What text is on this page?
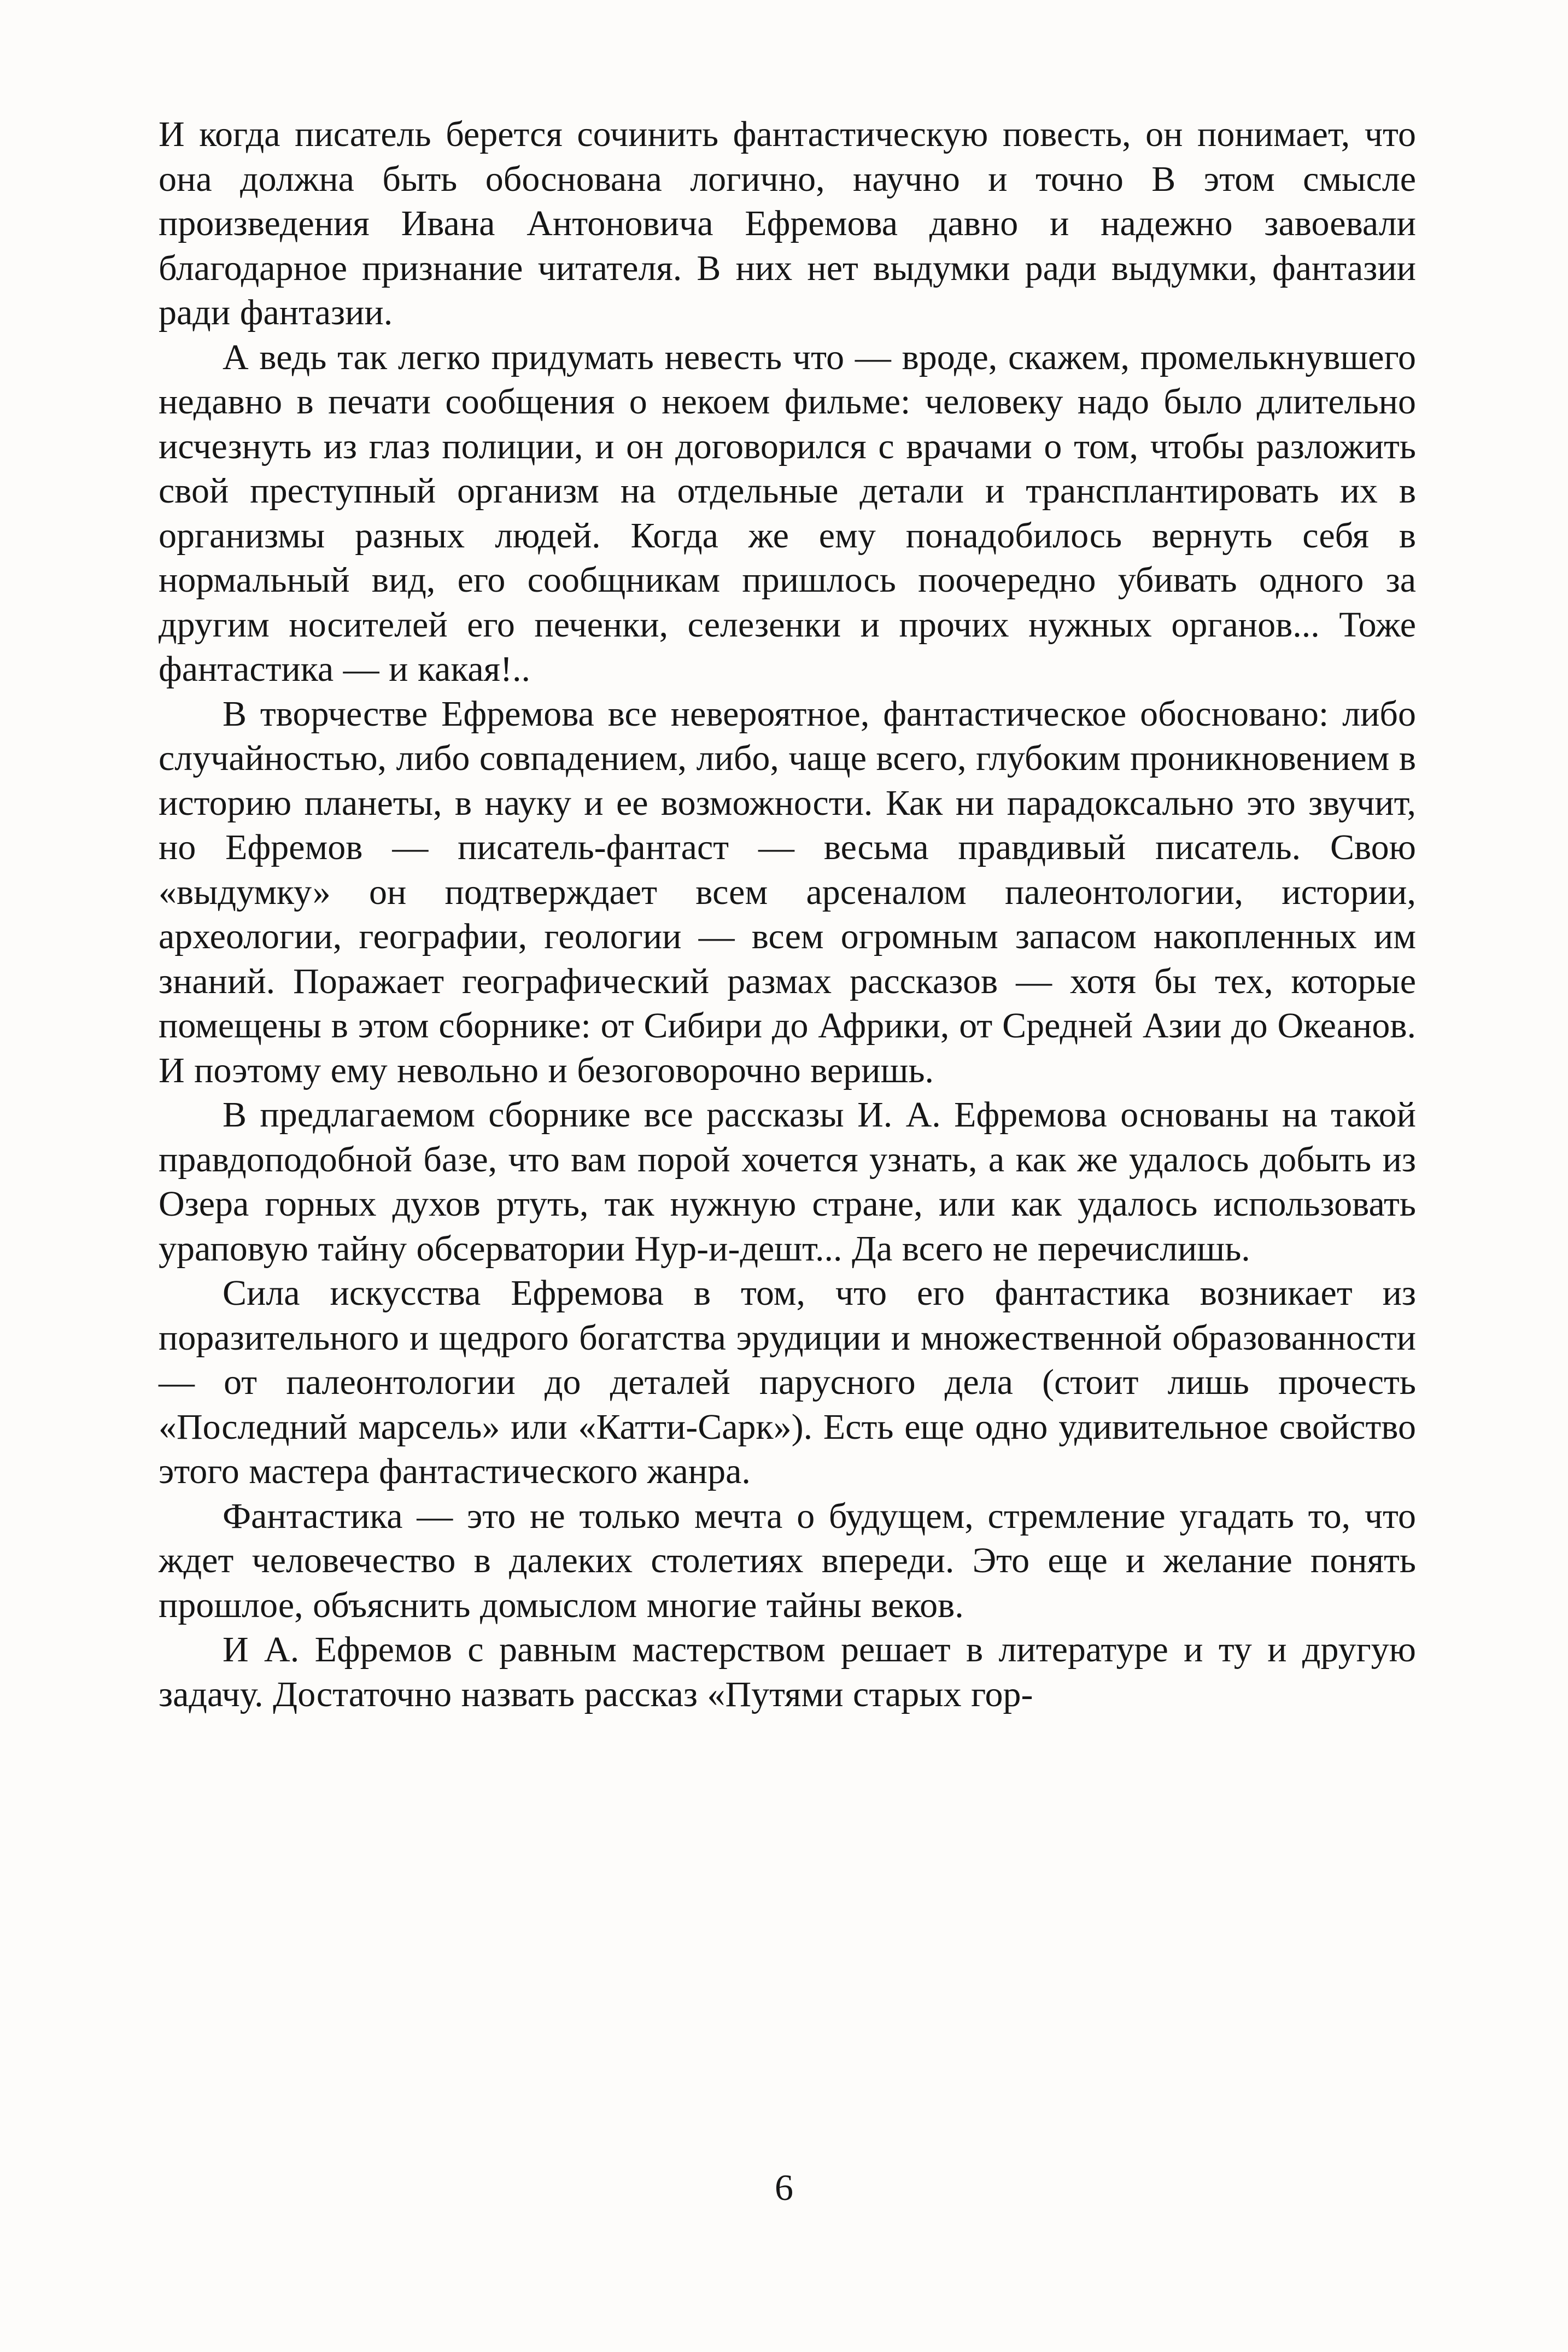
И когда писатель берется сочинить фантастическую повесть, он понимает, что она должна быть обоснована логично, научно и точно В этом смысле произведения Ивана Антоновича Ефремова давно и надежно завоевали благодарное признание читателя. В них нет выдумки ради выдумки, фантазии ради фантазии.

А ведь так легко придумать невесть что — вроде, скажем, промелькнувшего недавно в печати сообщения о некоем фильме: человеку надо было длительно исчезнуть из глаз полиции, и он договорился с врачами о том, чтобы разложить свой преступный организм на отдельные детали и трансплантировать их в организмы разных людей. Когда же ему понадобилось вернуть себя в нормальный вид, его сообщникам пришлось поочередно убивать одного за другим носителей его печенки, селезенки и прочих нужных органов... Тоже фантастика — и какая!..

В творчестве Ефремова все невероятное, фантастическое обосновано: либо случайностью, либо совпадением, либо, чаще всего, глубоким проникновением в историю планеты, в науку и ее возможности. Как ни парадоксально это звучит, но Ефремов — писатель-фантаст — весьма правдивый писатель. Свою «выдумку» он подтверждает всем арсеналом палеонтологии, истории, археологии, географии, геологии — всем огромным запасом накопленных им знаний. Поражает географический размах рассказов — хотя бы тех, которые помещены в этом сборнике: от Сибири до Африки, от Средней Азии до Океанов. И поэтому ему невольно и безоговорочно веришь.

В предлагаемом сборнике все рассказы И. А. Ефремова основаны на такой правдоподобной базе, что вам порой хочется узнать, а как же удалось добыть из Озера горных духов ртуть, так нужную стране, или как удалось использовать ураповую тайну обсерватории Нур-и-дешт... Да всего не перечислишь.

Сила искусства Ефремова в том, что его фантастика возникает из поразительного и щедрого богатства эрудиции и множественной образованности — от палеонтологии до деталей парусного дела (стоит лишь прочесть «Последний марсель» или «Катти-Сарк»). Есть еще одно удивительное свойство этого мастера фантастического жанра.

Фантастика — это не только мечта о будущем, стремление угадать то, что ждет человечество в далеких столетиях впереди. Это еще и желание понять прошлое, объяснить домыслом многие тайны веков.

И А. Ефремов с равным мастерством решает в литературе и ту и другую задачу. Достаточно назвать рассказ «Путями старых гор-

6
